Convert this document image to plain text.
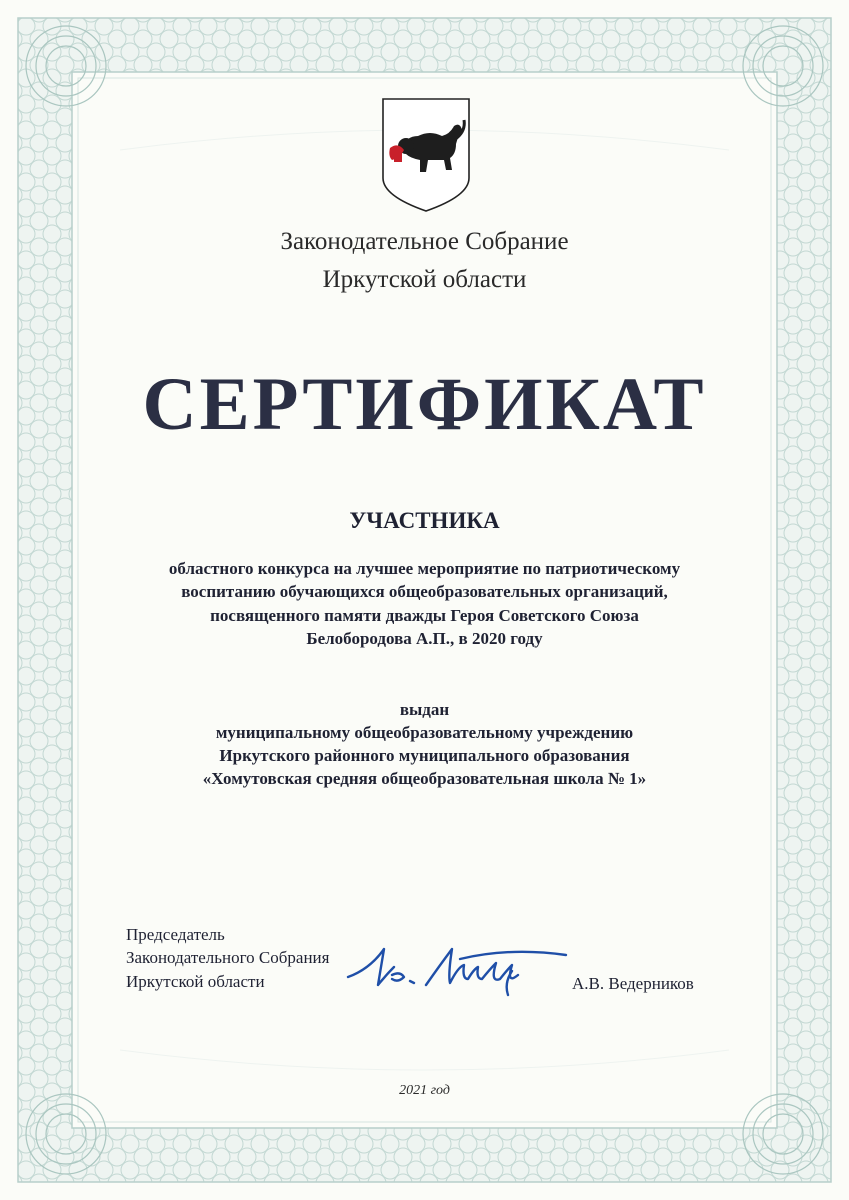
Законодательное Собрание
Иркутской области
СЕРТИФИКАТ
УЧАСТНИКА
областного конкурса на лучшее мероприятие по патриотическому
воспитанию обучающихся общеобразовательных организаций,
посвященного памяти дважды Героя Советского Союза
Белобородова А.П., в 2020 году
выдан
муниципальному общеобразовательному учреждению
Иркутского районного муниципального образования
«Хомутовская средняя общеобразовательная школа № 1»
Председатель
Законодательного Собрания
Иркутской области	А.В. Ведерников
2021 год
